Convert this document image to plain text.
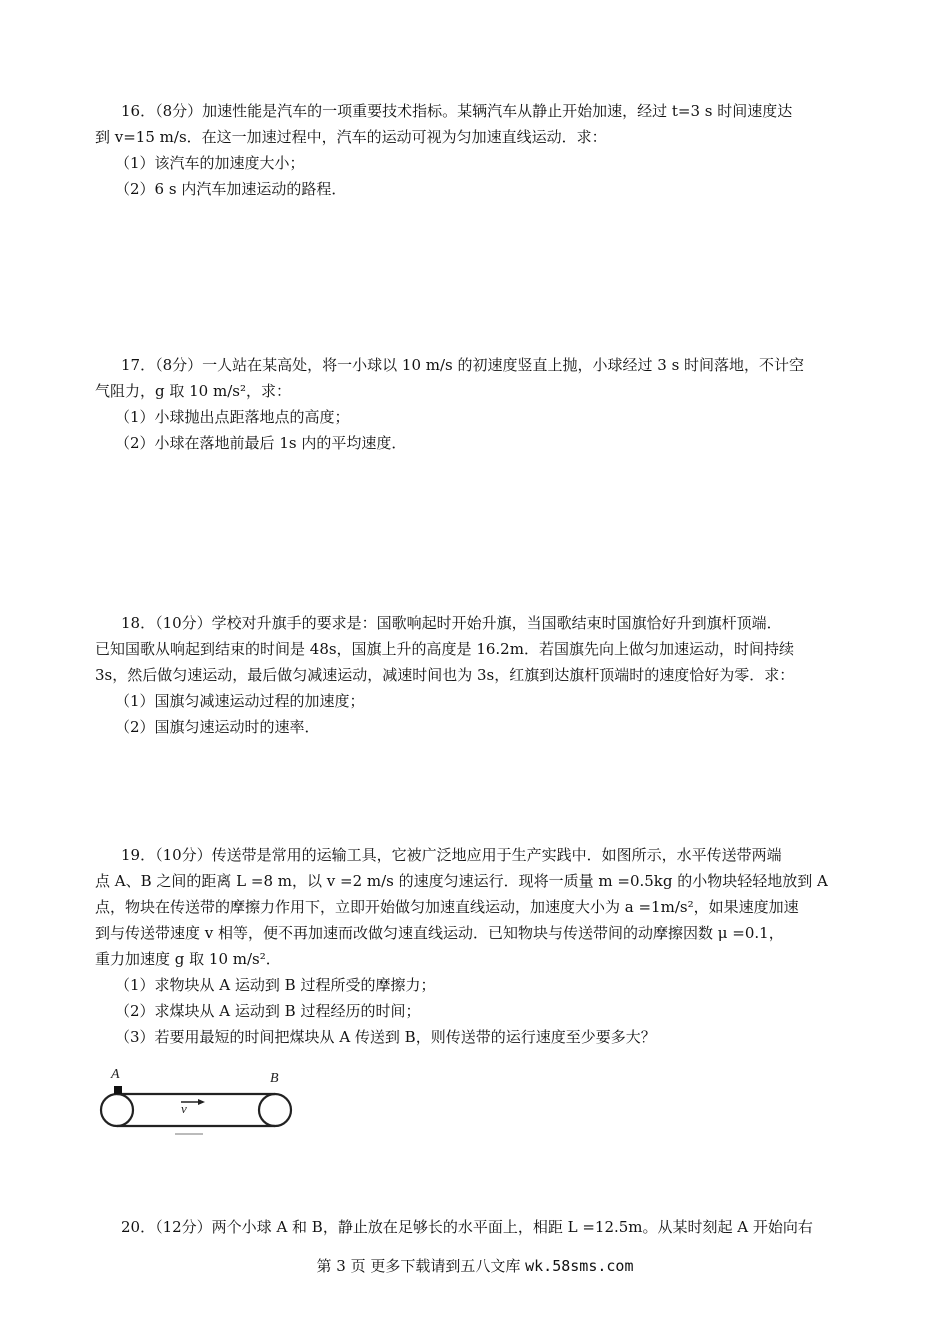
16．（8分）加速性能是汽车的一项重要技术指标。某辆汽车从静止开始加速，经过 t=3 s 时间速度达

到 v=15 m/s．在这一加速过程中，汽车的运动可视为匀加速直线运动．求：

（1）该汽车的加速度大小；

（2）6 s 内汽车加速运动的路程．

17．（8分）一人站在某高处，将一小球以 10 m/s 的初速度竖直上抛，小球经过 3 s 时间落地，不计空

气阻力，g 取 10 m/s²，求：

（1）小球抛出点距落地点的高度；

（2）小球在落地前最后 1s 内的平均速度．

18．（10分）学校对升旗手的要求是：国歌响起时开始升旗，当国歌结束时国旗恰好升到旗杆顶端．

已知国歌从响起到结束的时间是 48s，国旗上升的高度是 16.2m．若国旗先向上做匀加速运动，时间持续

3s，然后做匀速运动，最后做匀减速运动，减速时间也为 3s，红旗到达旗杆顶端时的速度恰好为零．求：

（1）国旗匀减速运动过程的加速度；

（2）国旗匀速运动时的速率．

19．（10分）传送带是常用的运输工具，它被广泛地应用于生产实践中．如图所示，水平传送带两端

点 A、B 之间的距离 L =8 m，以 v =2 m/s 的速度匀速运行．现将一质量 m =0.5kg 的小物块轻轻地放到 A

点，物块在传送带的摩擦力作用下，立即开始做匀加速直线运动，加速度大小为 a =1m/s²，如果速度加速

到与传送带速度 v 相等，便不再加速而改做匀速直线运动．已知物块与传送带间的动摩擦因数 μ =0.1，

重力加速度 g 取 10 m/s²．

（1）求物块从 A 运动到 B 过程所受的摩擦力；

（2）求煤块从 A 运动到 B 过程经历的时间；

（3）若要用最短的时间把煤块从 A 传送到 B，则传送带的运行速度至少要多大？

A	B
v

20．（12分）两个小球 A 和 B，静止放在足够长的水平面上，相距 L =12.5m。从某时刻起 A 开始向右

第 3 页 更多下载请到五八文库 wk.58sms.com
